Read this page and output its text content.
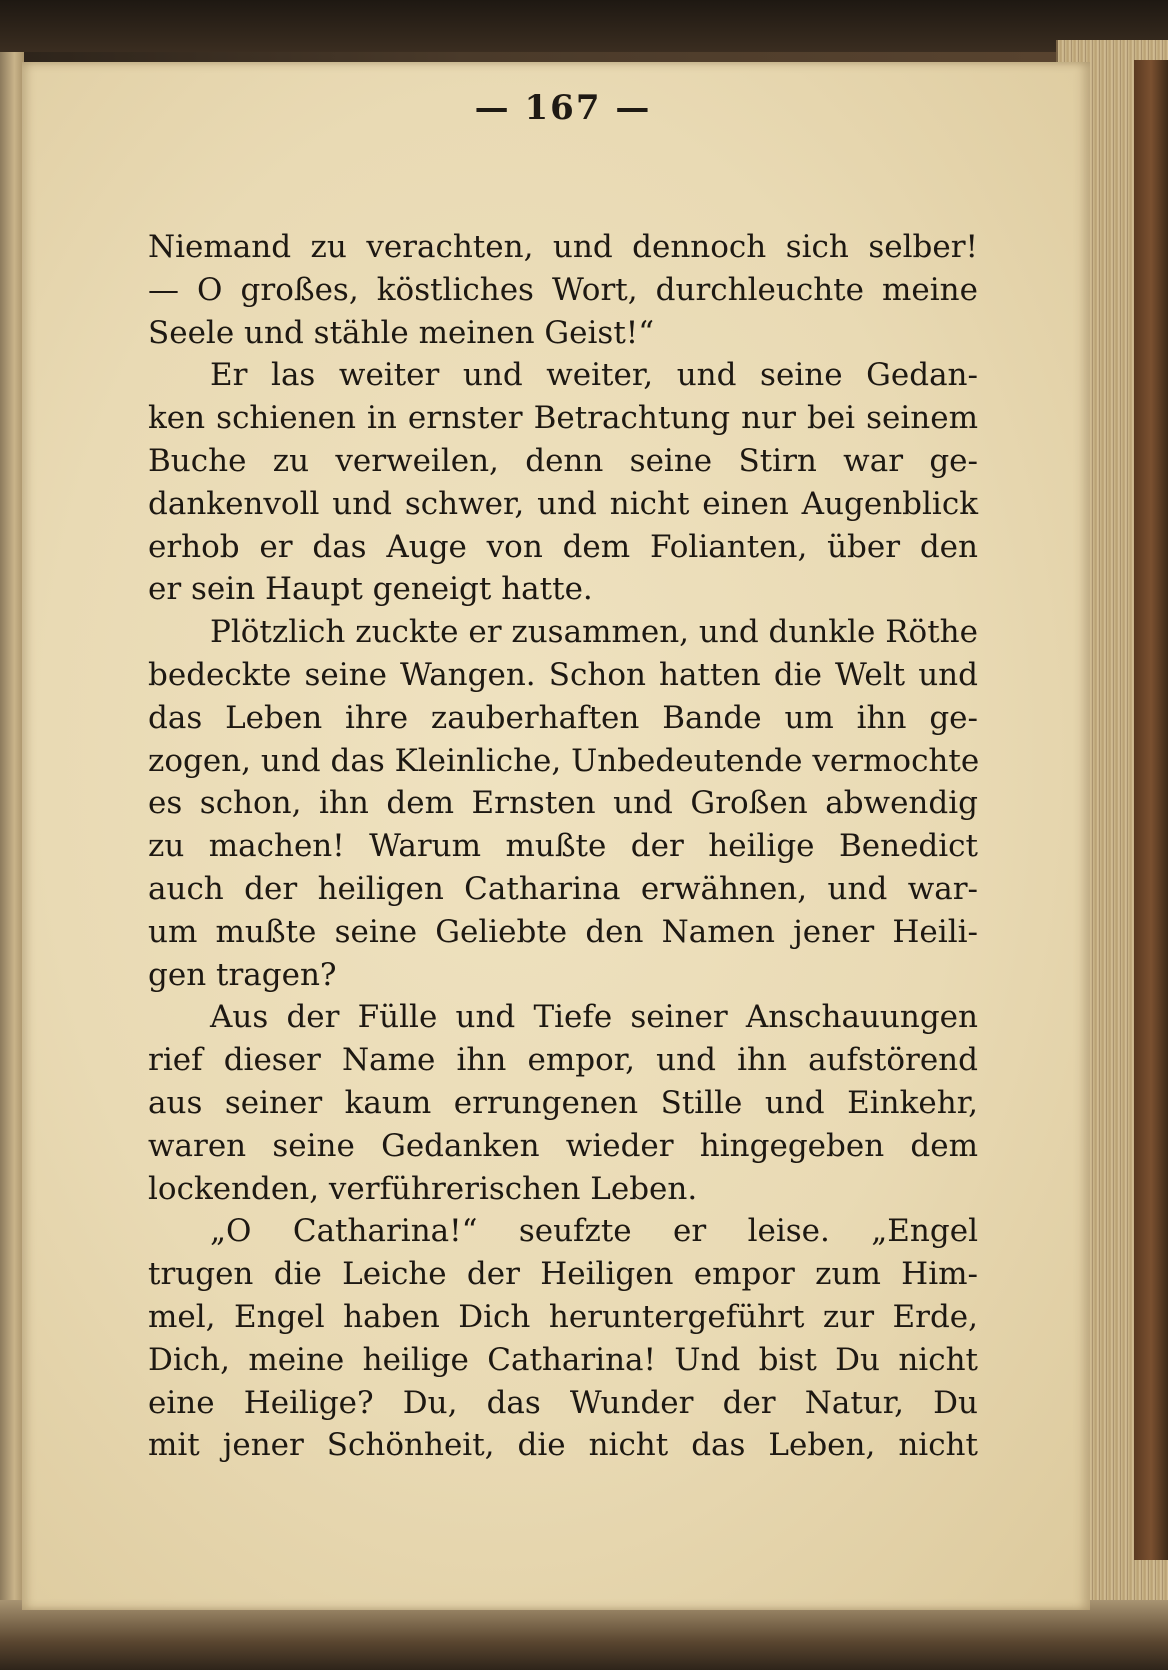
— 167 —
Niemand zu verachten, und dennoch sich selber!
— O großes, köstliches Wort, durchleuchte meine
Seele und stähle meinen Geist!“
Er las weiter und weiter, und seine Gedan-
ken schienen in ernster Betrachtung nur bei seinem
Buche zu verweilen, denn seine Stirn war ge-
dankenvoll und schwer, und nicht einen Augenblick
erhob er das Auge von dem Folianten, über den
er sein Haupt geneigt hatte.
Plötzlich zuckte er zusammen, und dunkle Röthe
bedeckte seine Wangen. Schon hatten die Welt und
das Leben ihre zauberhaften Bande um ihn ge-
zogen, und das Kleinliche, Unbedeutende vermochte
es schon, ihn dem Ernsten und Großen abwendig
zu machen! Warum mußte der heilige Benedict
auch der heiligen Catharina erwähnen, und war-
um mußte seine Geliebte den Namen jener Heili-
gen tragen?
Aus der Fülle und Tiefe seiner Anschauungen
rief dieser Name ihn empor, und ihn aufstörend
aus seiner kaum errungenen Stille und Einkehr,
waren seine Gedanken wieder hingegeben dem
lockenden, verführerischen Leben.
„O Catharina!“ seufzte er leise. „Engel
trugen die Leiche der Heiligen empor zum Him-
mel, Engel haben Dich heruntergeführt zur Erde,
Dich, meine heilige Catharina! Und bist Du nicht
eine Heilige? Du, das Wunder der Natur, Du
mit jener Schönheit, die nicht das Leben, nicht
